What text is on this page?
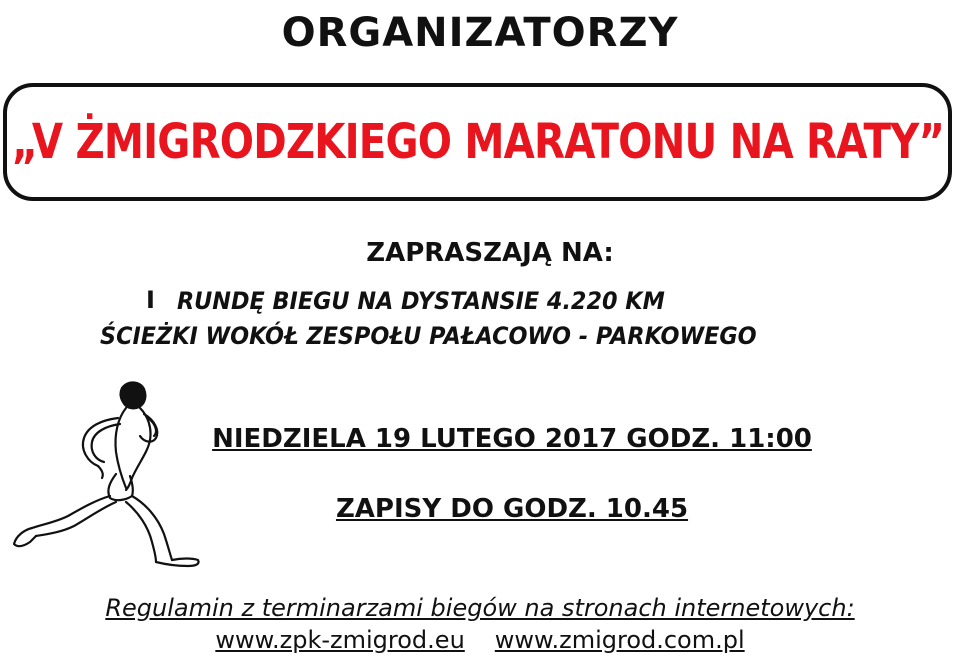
ORGANIZATORZY
„V ŻMIGRODZKIEGO MARATONU NA RATY”
ZAPRASZAJĄ NA:
I RUNDĘ BIEGU NA DYSTANSIE 4.220 KM
ŚCIEŻKI WOKÓŁ ZESPOŁU PAŁACOWO - PARKOWEGO
NIEDZIELA 19 LUTEGO 2017 GODZ. 11:00
ZAPISY DO GODZ. 10.45
Regulamin z terminarzami biegów na stronach internetowych:
www.zpk-zmigrod.eu www.zmigrod.com.pl
